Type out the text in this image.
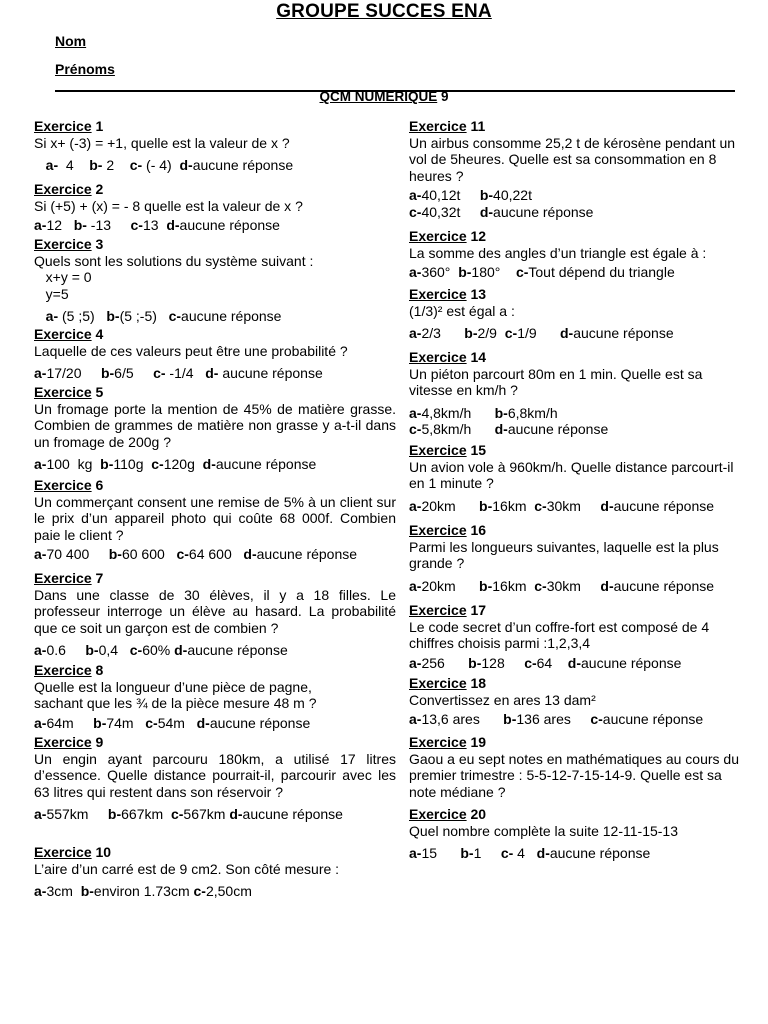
GROUPE SUCCES ENA
Nom
Prénoms
QCM NUMERIQUE 9
Exercice 1
Si x+ (-3) = +1, quelle est la valeur de x ?
a-  4    b- 2    c- (- 4)  d-aucune réponse
Exercice 2
Si (+5) + (x) = - 8 quelle est la valeur de x ?
a-12   b- -13     c-13  d-aucune réponse
Exercice 3
Quels sont les solutions du système suivant :
x+y = 0
y=5
a- (5 ;5)   b-(5 ;-5)   c-aucune réponse
Exercice 4
Laquelle de ces valeurs peut être une probabilité ?
a-17/20     b-6/5     c- -1/4   d- aucune réponse
Exercice 5
Un fromage porte la mention de 45% de matière grasse. Combien de grammes de matière non grasse y a-t-il dans un fromage de 200g ?
a-100  kg  b-110g  c-120g  d-aucune réponse
Exercice 6
Un commerçant consent une remise de 5% à un client sur le prix d’un appareil photo qui coûte 68 000f. Combien paie le client ?
a-70 400     b-60 600   c-64 600   d-aucune réponse
Exercice 7
Dans une classe de 30 élèves, il y a 18 filles. Le professeur interroge un élève au hasard. La probabilité que ce soit un garçon est de combien ?
a-0.6     b-0,4   c-60% d-aucune réponse
Exercice 8
Quelle est la longueur d’une pièce de pagne,
sachant que les ¾ de la pièce mesure 48 m ?
a-64m     b-74m   c-54m   d-aucune réponse
Exercice 9
Un engin ayant parcouru 180km, a utilisé 17 litres d’essence. Quelle distance pourrait-il, parcourir avec les 63 litres qui restent dans son réservoir ?
a-557km     b-667km  c-567km d-aucune réponse
Exercice 10
L’aire d’un carré est de 9 cm2. Son côté mesure :
a-3cm  b-environ 1.73cm c-2,50cm
Exercice 11
Un airbus consomme 25,2 t de kérosène pendant un vol de 5heures. Quelle est sa consommation en 8 heures ?
a-40,12t     b-40,22t
c-40,32t     d-aucune réponse
Exercice 12
La somme des angles d’un triangle est égale à :
a-360°  b-180°    c-Tout dépend du triangle
Exercice 13
(1/3)² est égal a :
a-2/3      b-2/9  c-1/9      d-aucune réponse
Exercice 14
Un piéton parcourt 80m en 1 min. Quelle est sa vitesse en km/h ?
a-4,8km/h      b-6,8km/h
c-5,8km/h      d-aucune réponse
Exercice 15
Un avion vole à 960km/h. Quelle distance parcourt-il en 1 minute ?
a-20km      b-16km  c-30km     d-aucune réponse
Exercice 16
Parmi les longueurs suivantes, laquelle est la plus grande ?
a-20km      b-16km  c-30km     d-aucune réponse
Exercice 17
Le code secret d’un coffre-fort est composé de 4 chiffres choisis parmi :1,2,3,4
a-256      b-128     c-64    d-aucune réponse
Exercice 18
Convertissez en ares 13 dam²
a-13,6 ares      b-136 ares     c-aucune réponse
Exercice 19
Gaou a eu sept notes en mathématiques au cours du premier trimestre : 5-5-12-7-15-14-9. Quelle est sa note médiane ?
Exercice 20
Quel nombre complète la suite 12-11-15-13
a-15      b-1     c- 4   d-aucune réponse
